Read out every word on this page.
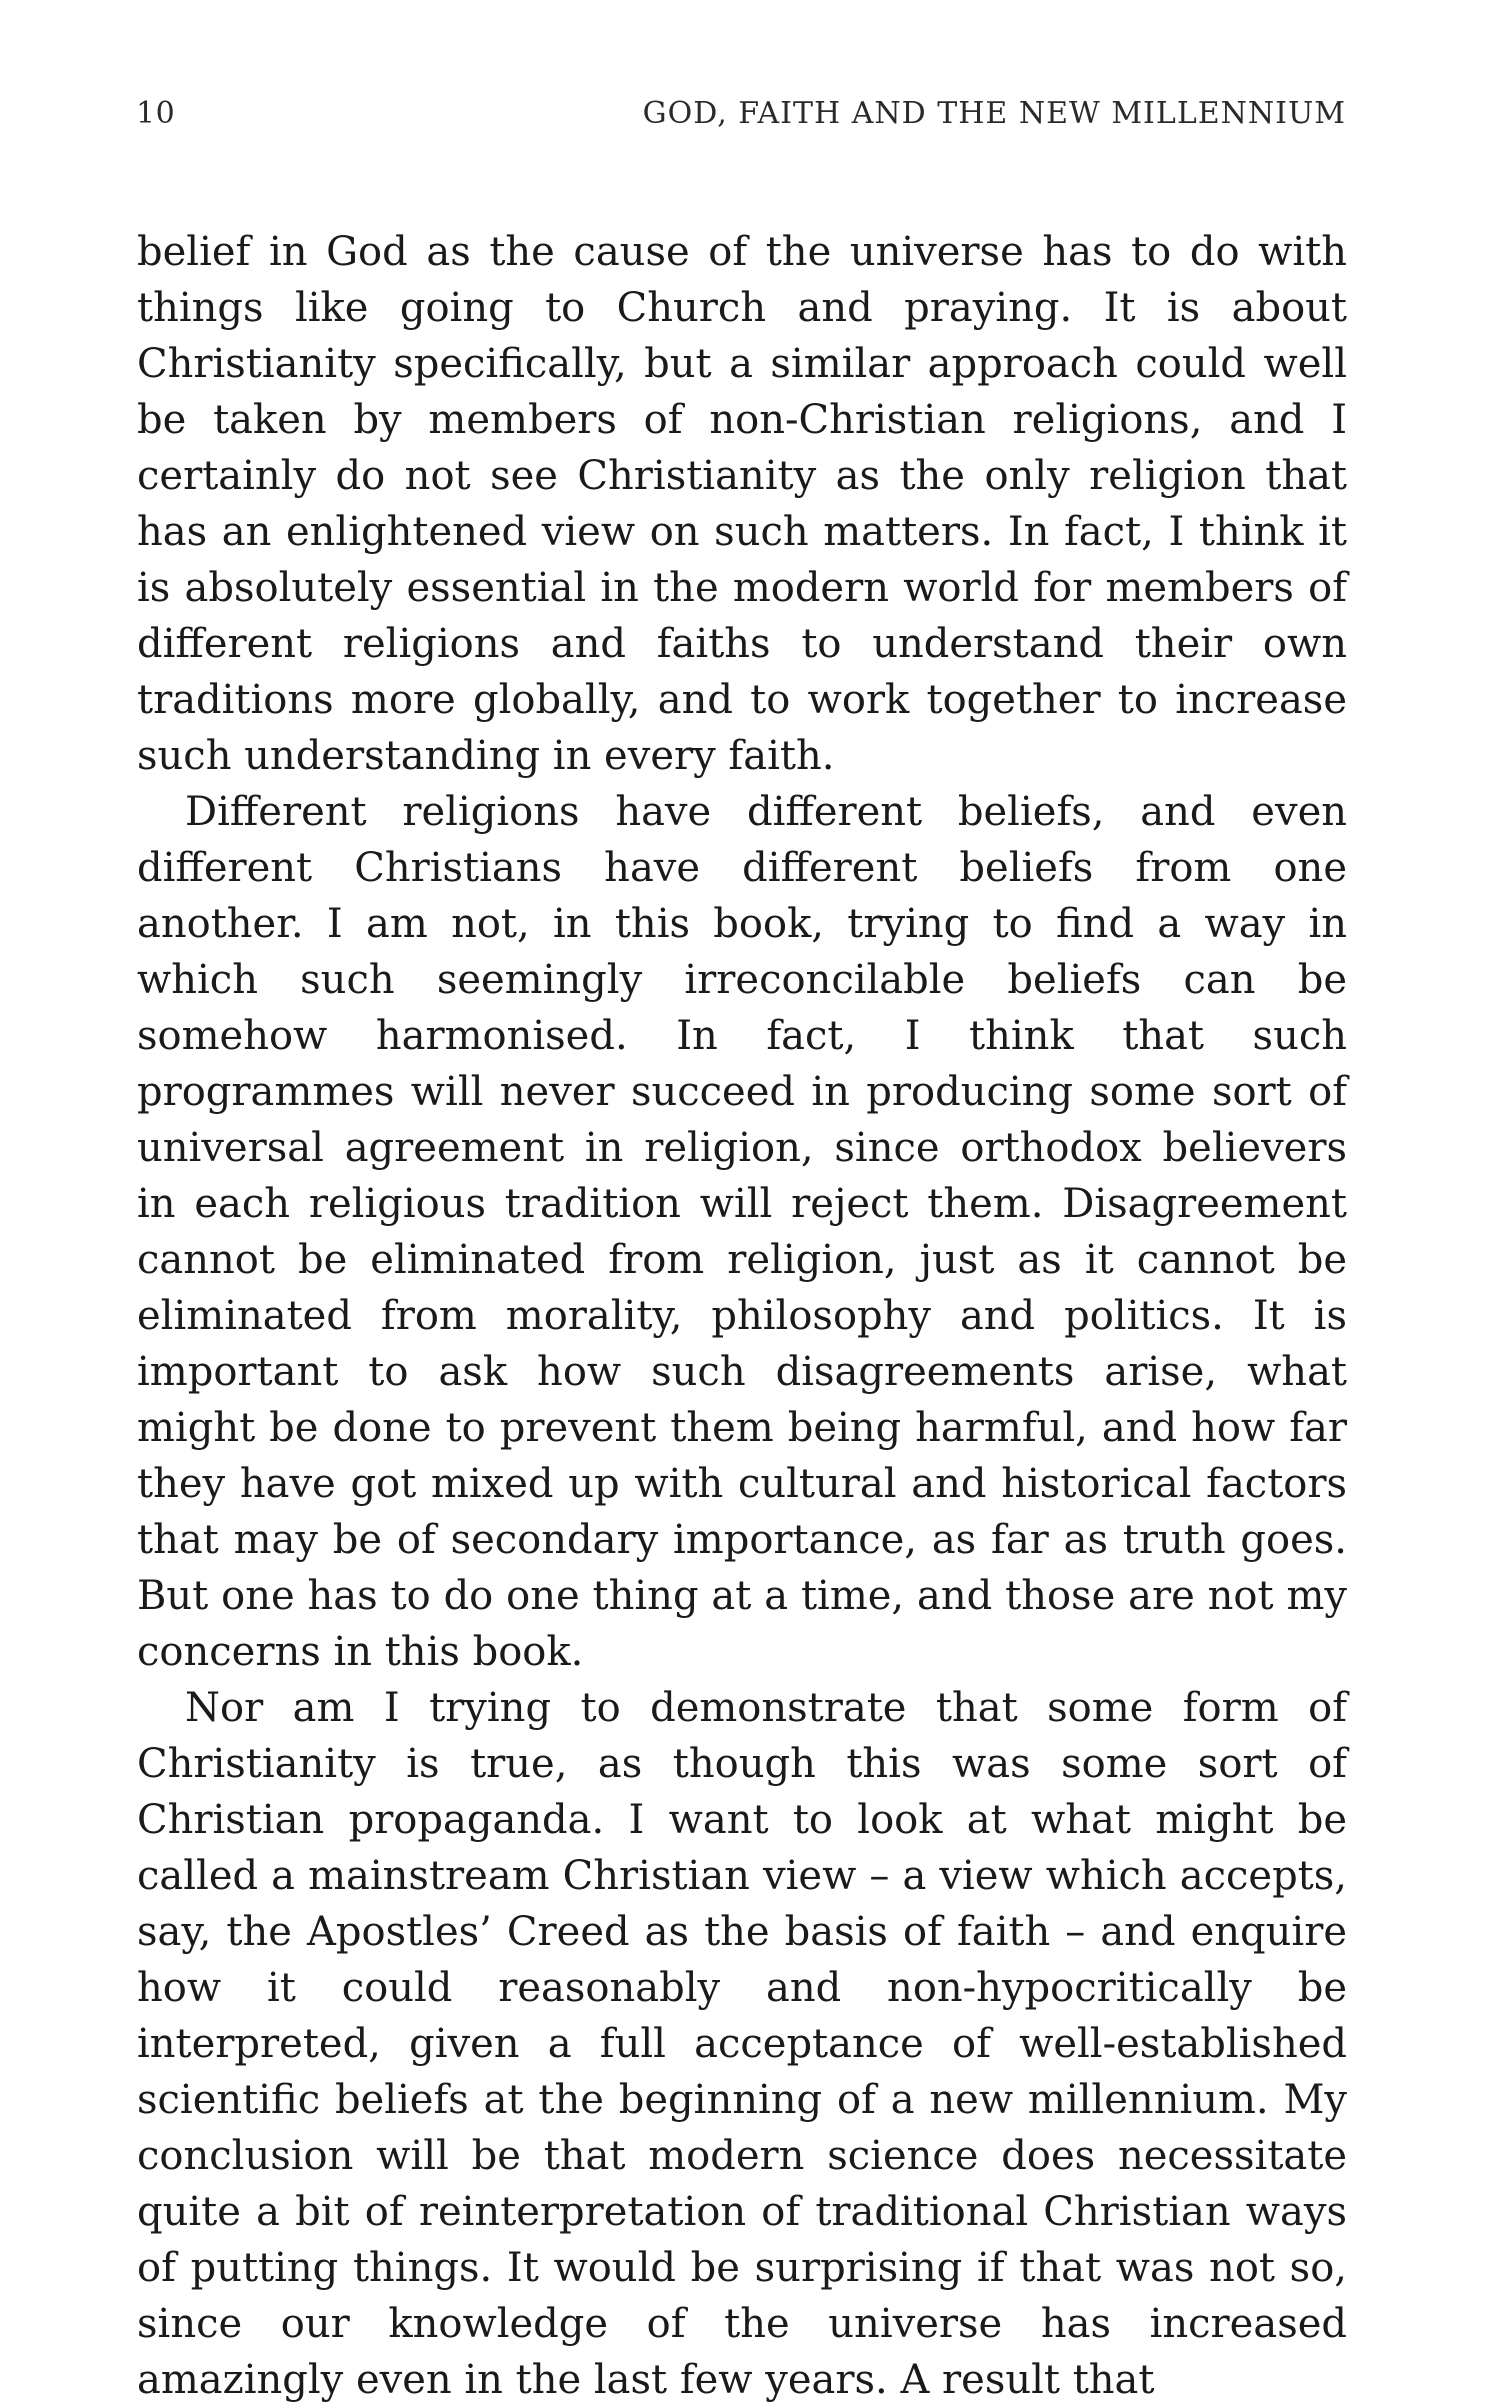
10	GOD, FAITH AND THE NEW MILLENNIUM

belief in God as the cause of the universe has to do with things like going to Church and praying. It is about Christianity specifically, but a similar approach could well be taken by members of non-Christian religions, and I certainly do not see Christianity as the only religion that has an enlightened view on such matters. In fact, I think it is absolutely essential in the modern world for members of different religions and faiths to understand their own traditions more globally, and to work together to increase such understanding in every faith.

Different religions have different beliefs, and even different Christians have different beliefs from one another. I am not, in this book, trying to find a way in which such seemingly irreconcilable beliefs can be somehow harmonised. In fact, I think that such programmes will never succeed in producing some sort of universal agreement in religion, since orthodox believers in each religious tradition will reject them. Disagreement cannot be eliminated from religion, just as it cannot be eliminated from morality, philosophy and politics. It is important to ask how such disagreements arise, what might be done to prevent them being harmful, and how far they have got mixed up with cultural and historical factors that may be of secondary importance, as far as truth goes. But one has to do one thing at a time, and those are not my concerns in this book.

Nor am I trying to demonstrate that some form of Christianity is true, as though this was some sort of Christian propaganda. I want to look at what might be called a mainstream Christian view – a view which accepts, say, the Apostles’ Creed as the basis of faith – and enquire how it could reasonably and non-hypocritically be interpreted, given a full acceptance of well-established scientific beliefs at the beginning of a new millennium. My conclusion will be that modern science does necessitate quite a bit of reinterpretation of traditional Christian ways of putting things. It would be surprising if that was not so, since our knowledge of the universe has increased amazingly even in the last few years. A result that
